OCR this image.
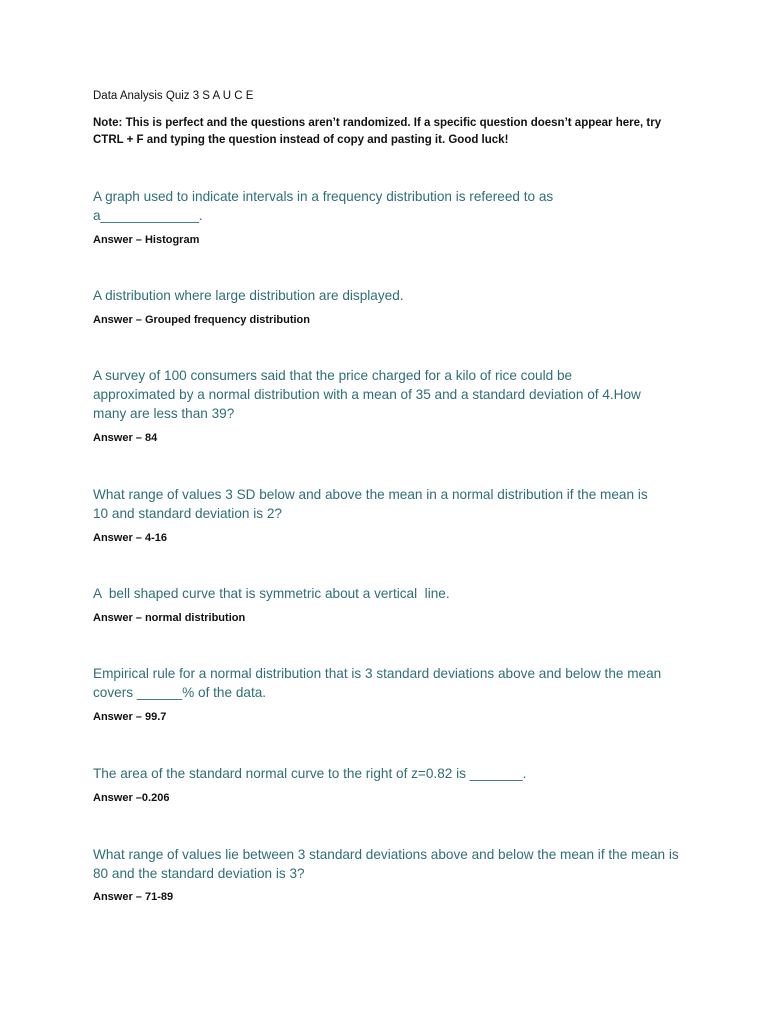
Data Analysis Quiz 3 S A U C E
Note: This is perfect and the questions aren’t randomized. If a specific question doesn’t appear here, try CTRL + F and typing the question instead of copy and pasting it. Good luck!
A graph used to indicate intervals in a frequency distribution is refereed to as a_____________.
Answer – Histogram
A distribution where large distribution are displayed.
Answer – Grouped frequency distribution
A survey of 100 consumers said that the price charged for a kilo of rice could be approximated by a normal distribution with a mean of 35 and a standard deviation of 4.How many are less than 39?
Answer – 84
What range of values 3 SD below and above the mean in a normal distribution if the mean is 10 and standard deviation is 2?
Answer – 4-16
A  bell shaped curve that is symmetric about a vertical  line.
Answer – normal distribution
Empirical rule for a normal distribution that is 3 standard deviations above and below the mean covers ______% of the data.
Answer – 99.7
The area of the standard normal curve to the right of z=0.82 is _______.
Answer –0.206
What range of values lie between 3 standard deviations above and below the mean if the mean is 80 and the standard deviation is 3?
Answer – 71-89
